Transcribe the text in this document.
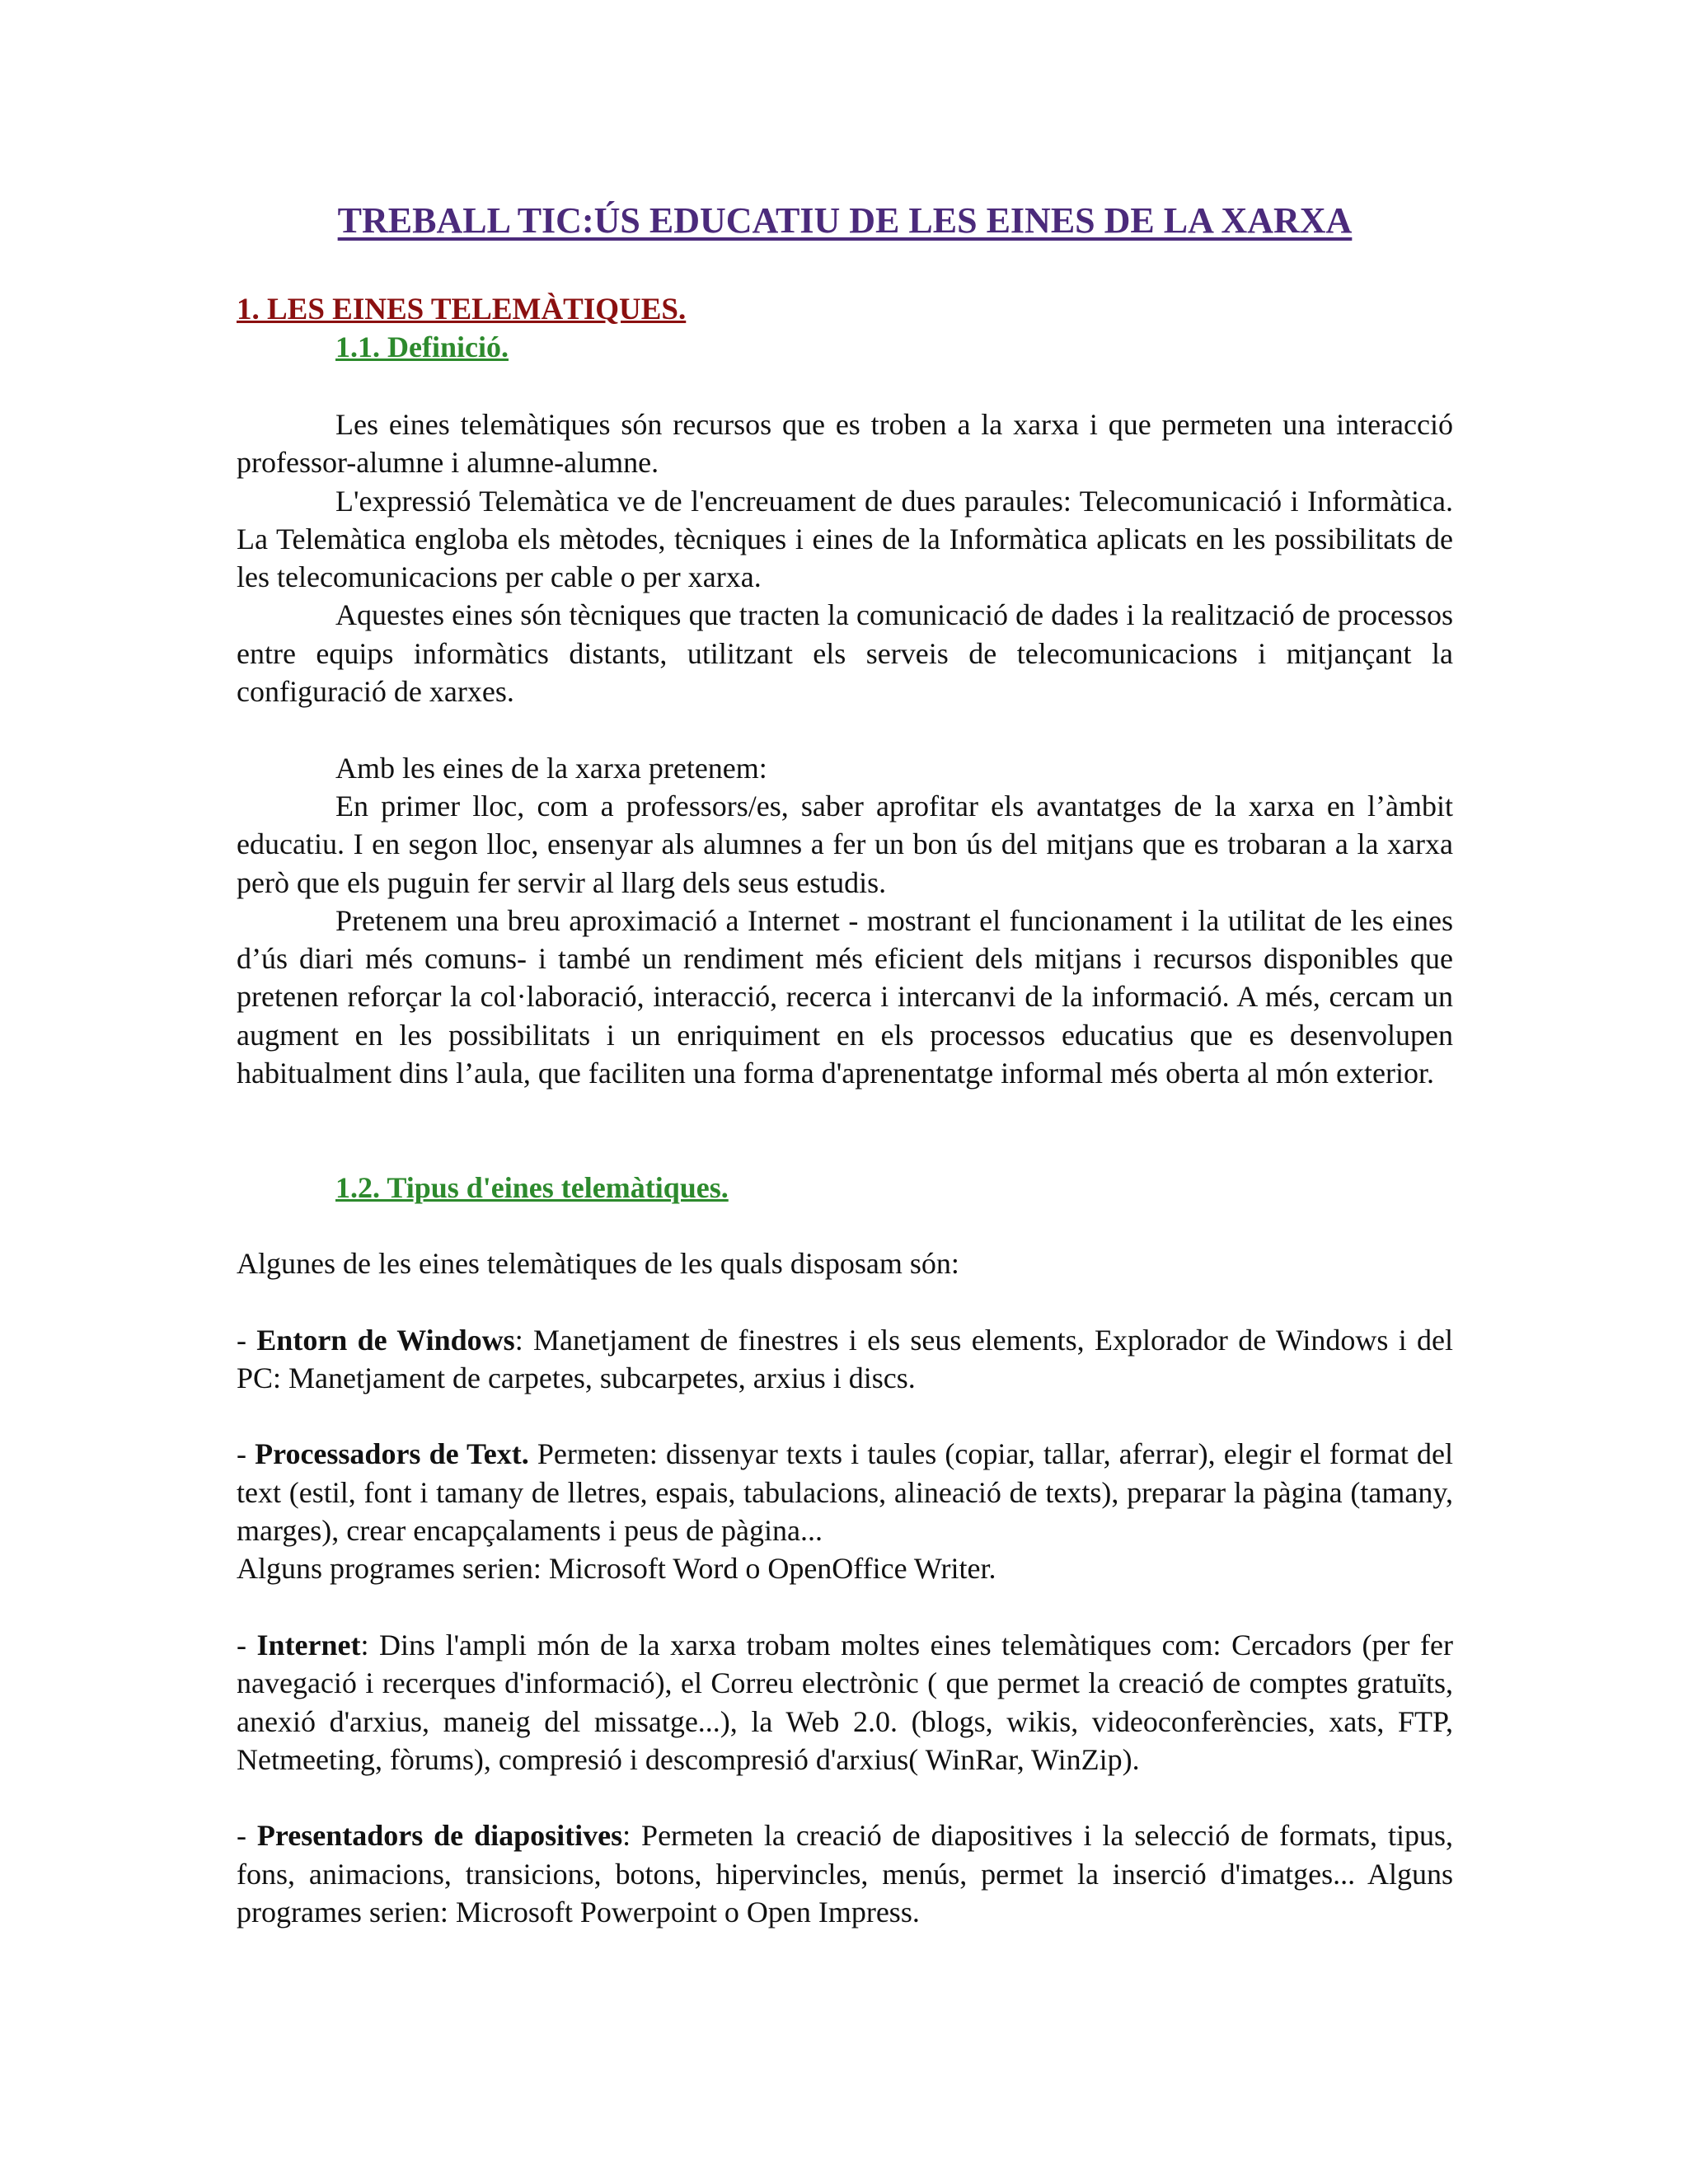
TREBALL TIC:ÚS EDUCATIU DE LES EINES DE LA XARXA
1. LES EINES TELEMÀTIQUES.
1.1. Definició.

Les eines telemàtiques són recursos que es troben a la xarxa i que permeten una interacció professor-alumne i alumne-alumne.

L'expressió Telemàtica ve de l'encreuament de dues paraules: Telecomunicació i Informàtica. La Telemàtica engloba els mètodes, tècniques i eines de la Informàtica aplicats en les possibilitats de les telecomunicacions per cable o per xarxa.

Aquestes eines són tècniques que tracten la comunicació de dades i la realització de processos entre equips informàtics distants, utilitzant els serveis de telecomunicacions i mitjançant la configuració de xarxes.

Amb les eines de la xarxa pretenem:

En primer lloc, com a professors/es, saber aprofitar els avantatges de la xarxa en l’àmbit educatiu. I en segon lloc, ensenyar als alumnes a fer un bon ús del mitjans que es trobaran a la xarxa però que els puguin fer servir al llarg dels seus estudis.

Pretenem una breu aproximació a Internet - mostrant el funcionament i la utilitat de les eines d’ús diari més comuns- i també un rendiment més eficient dels mitjans i recursos disponibles que pretenen reforçar la col·laboració, interacció, recerca i intercanvi de la informació. A més, cercam un augment en les possibilitats i un enriquiment en els processos educatius que es desenvolupen habitualment dins l’aula, que faciliten una forma d'aprenentatge informal més oberta al món exterior.

1.2. Tipus d'eines telemàtiques.

Algunes de les eines telemàtiques de les quals disposam són:

- Entorn de Windows: Manetjament de finestres i els seus elements, Explorador de Windows i del PC: Manetjament de carpetes, subcarpetes, arxius i discs.

- Processadors de Text. Permeten: dissenyar texts i taules (copiar, tallar, aferrar), elegir el format del text (estil, font i tamany de lletres, espais, tabulacions, alineació de texts), preparar la pàgina (tamany, marges), crear encapçalaments i peus de pàgina...

Alguns programes serien: Microsoft Word o OpenOffice Writer.

- Internet: Dins l'ampli món de la xarxa trobam moltes eines telemàtiques com: Cercadors (per fer navegació i recerques d'informació), el Correu electrònic ( que permet la creació de comptes gratuïts, anexió d'arxius, maneig del missatge...), la Web 2.0. (blogs, wikis, videoconferències, xats, FTP, Netmeeting, fòrums), compresió i descompresió d'arxius( WinRar, WinZip).

- Presentadors de diapositives: Permeten la creació de diapositives i la selecció de formats, tipus, fons, animacions, transicions, botons, hipervincles, menús, permet la inserció d'imatges... Alguns programes serien: Microsoft Powerpoint o Open Impress.
